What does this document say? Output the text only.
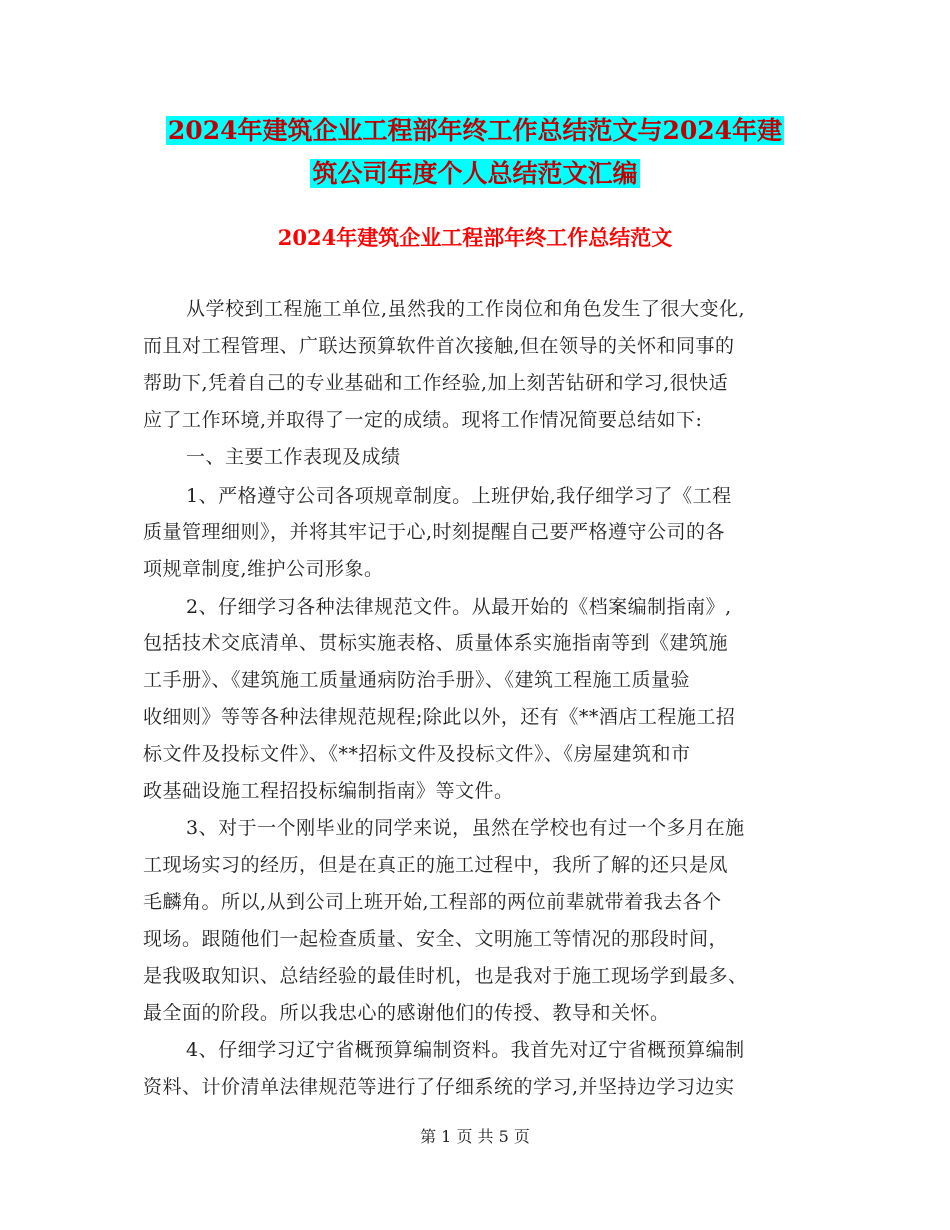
2024年建筑企业工程部年终工作总结范文与2024年建
筑公司年度个人总结范文汇编
2024年建筑企业工程部年终工作总结范文
从学校到工程施工单位,虽然我的工作岗位和角色发生了很大变化,
而且对工程管理、广联达预算软件首次接触,但在领导的关怀和同事的
帮助下,凭着自己的专业基础和工作经验,加上刻苦钻研和学习,很快适
应了工作环境,并取得了一定的成绩。现将工作情况简要总结如下:
一、主要工作表现及成绩
1、严格遵守公司各项规章制度。上班伊始,我仔细学习了《工程
质量管理细则》，并将其牢记于心,时刻提醒自己要严格遵守公司的各
项规章制度,维护公司形象。
2、仔细学习各种法律规范文件。从最开始的《档案编制指南》,
包括技术交底清单、贯标实施表格、质量体系实施指南等到《建筑施
工手册》、《建筑施工质量通病防治手册》、《建筑工程施工质量验
收细则》等等各种法律规范规程;除此以外，还有《**酒店工程施工招
标文件及投标文件》、《**招标文件及投标文件》、《房屋建筑和市
政基础设施工程招投标编制指南》等文件。
3、对于一个刚毕业的同学来说，虽然在学校也有过一个多月在施
工现场实习的经历，但是在真正的施工过程中，我所了解的还只是凤
毛麟角。所以,从到公司上班开始,工程部的两位前辈就带着我去各个
现场。跟随他们一起检查质量、安全、文明施工等情况的那段时间，
是我吸取知识、总结经验的最佳时机，也是我对于施工现场学到最多、
最全面的阶段。所以我忠心的感谢他们的传授、教导和关怀。
4、仔细学习辽宁省概预算编制资料。我首先对辽宁省概预算编制
资料、计价清单法律规范等进行了仔细系统的学习,并坚持边学习边实
第 1 页 共 5 页
